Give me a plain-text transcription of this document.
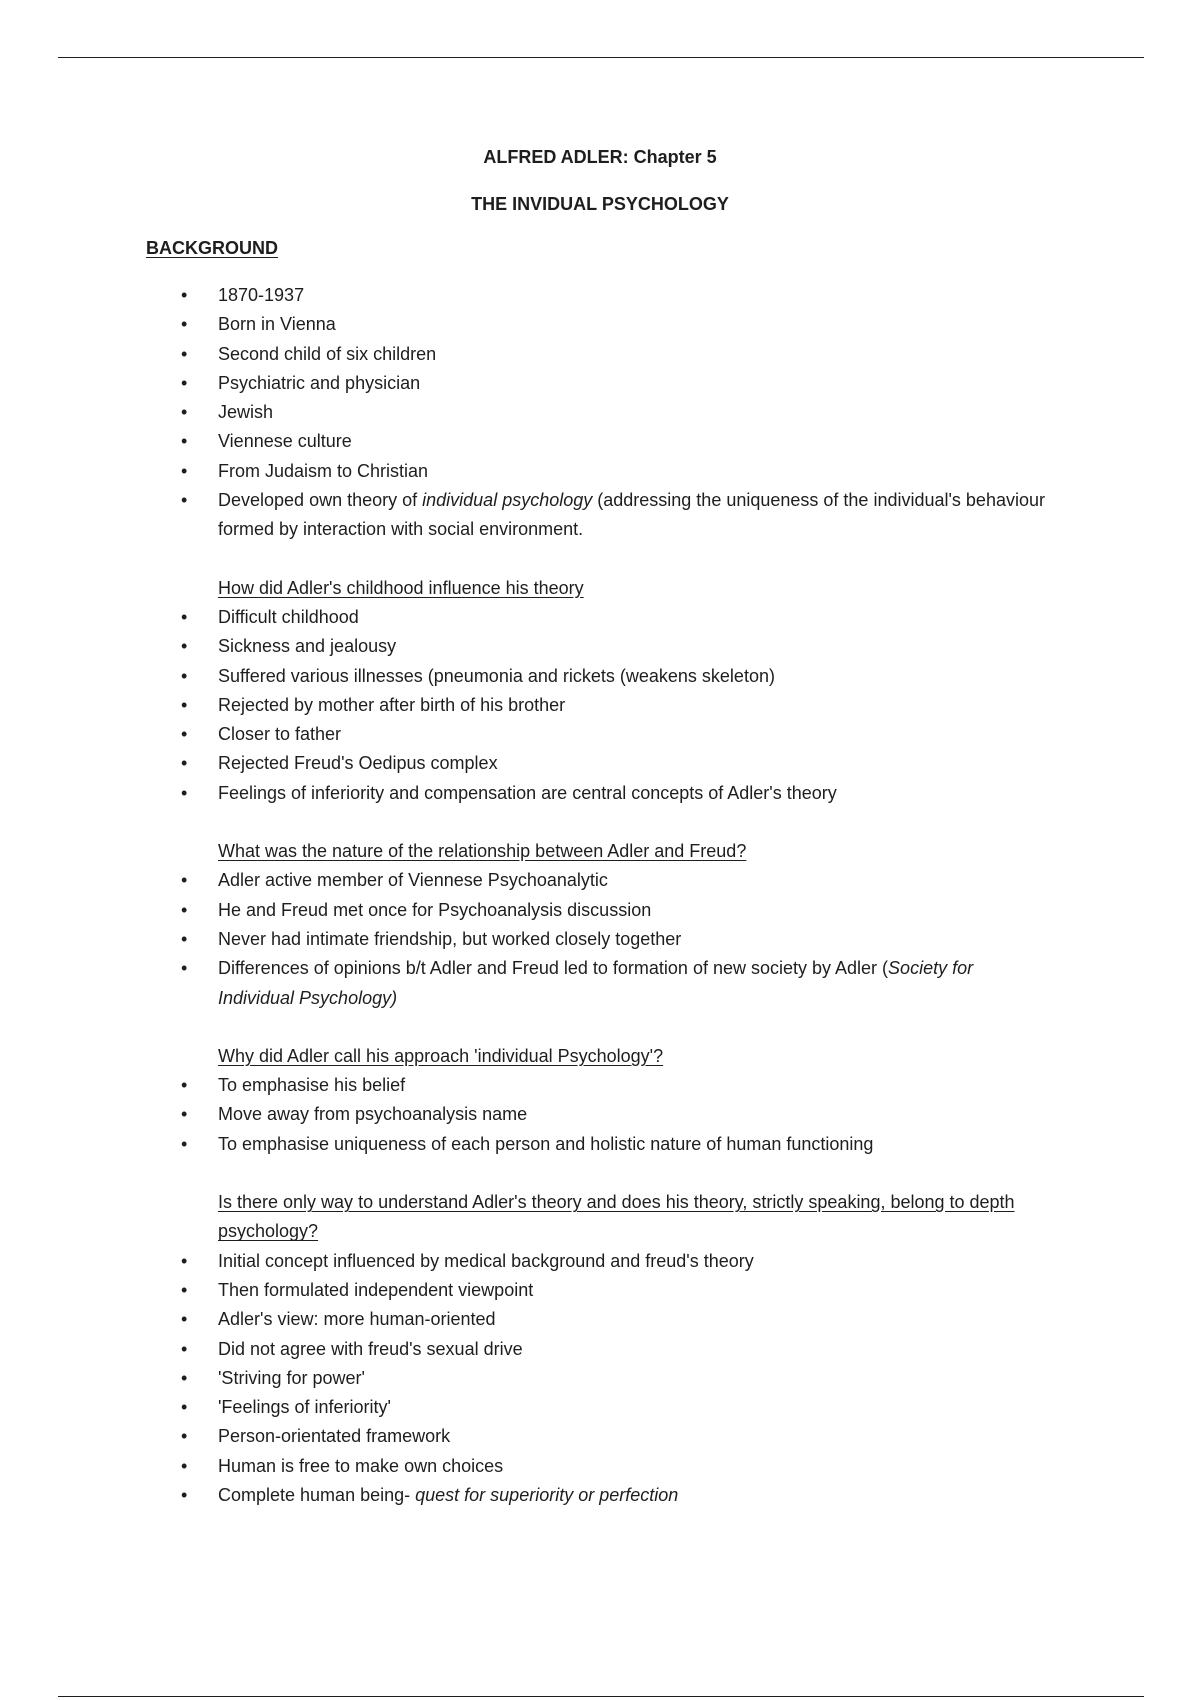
ALFRED ADLER: Chapter 5
THE INVIDUAL PSYCHOLOGY
BACKGROUND
• 1870-1937
• Born in Vienna
• Second child of six children
• Psychiatric and physician
• Jewish
• Viennese culture
• From Judaism to Christian
• Developed own theory of individual psychology (addressing the uniqueness of the individual's behaviour formed by interaction with social environment.
How did Adler's childhood influence his theory
• Difficult childhood
• Sickness and jealousy
• Suffered various illnesses (pneumonia and rickets (weakens skeleton)
• Rejected by mother after birth of his brother
• Closer to father
• Rejected Freud's Oedipus complex
• Feelings of inferiority and compensation are central concepts of Adler's theory
What was the nature of the relationship between Adler and Freud?
• Adler active member of Viennese Psychoanalytic
• He and Freud met once for Psychoanalysis discussion
• Never had intimate friendship, but worked closely together
• Differences of opinions b/t Adler and Freud led to formation of new society by Adler (Society for Individual Psychology)
Why did Adler call his approach 'individual Psychology'?
• To emphasise his belief
• Move away from psychoanalysis name
• To emphasise uniqueness of each person and holistic nature of human functioning
Is there only way to understand Adler's theory and does his theory, strictly speaking, belong to depth psychology?
• Initial concept influenced by medical background and freud's theory
• Then formulated independent viewpoint
• Adler's view: more human-oriented
• Did not agree with freud's sexual drive
• 'Striving for power'
• 'Feelings of inferiority'
• Person-orientated framework
• Human is free to make own choices
• Complete human being- quest for superiority or perfection
